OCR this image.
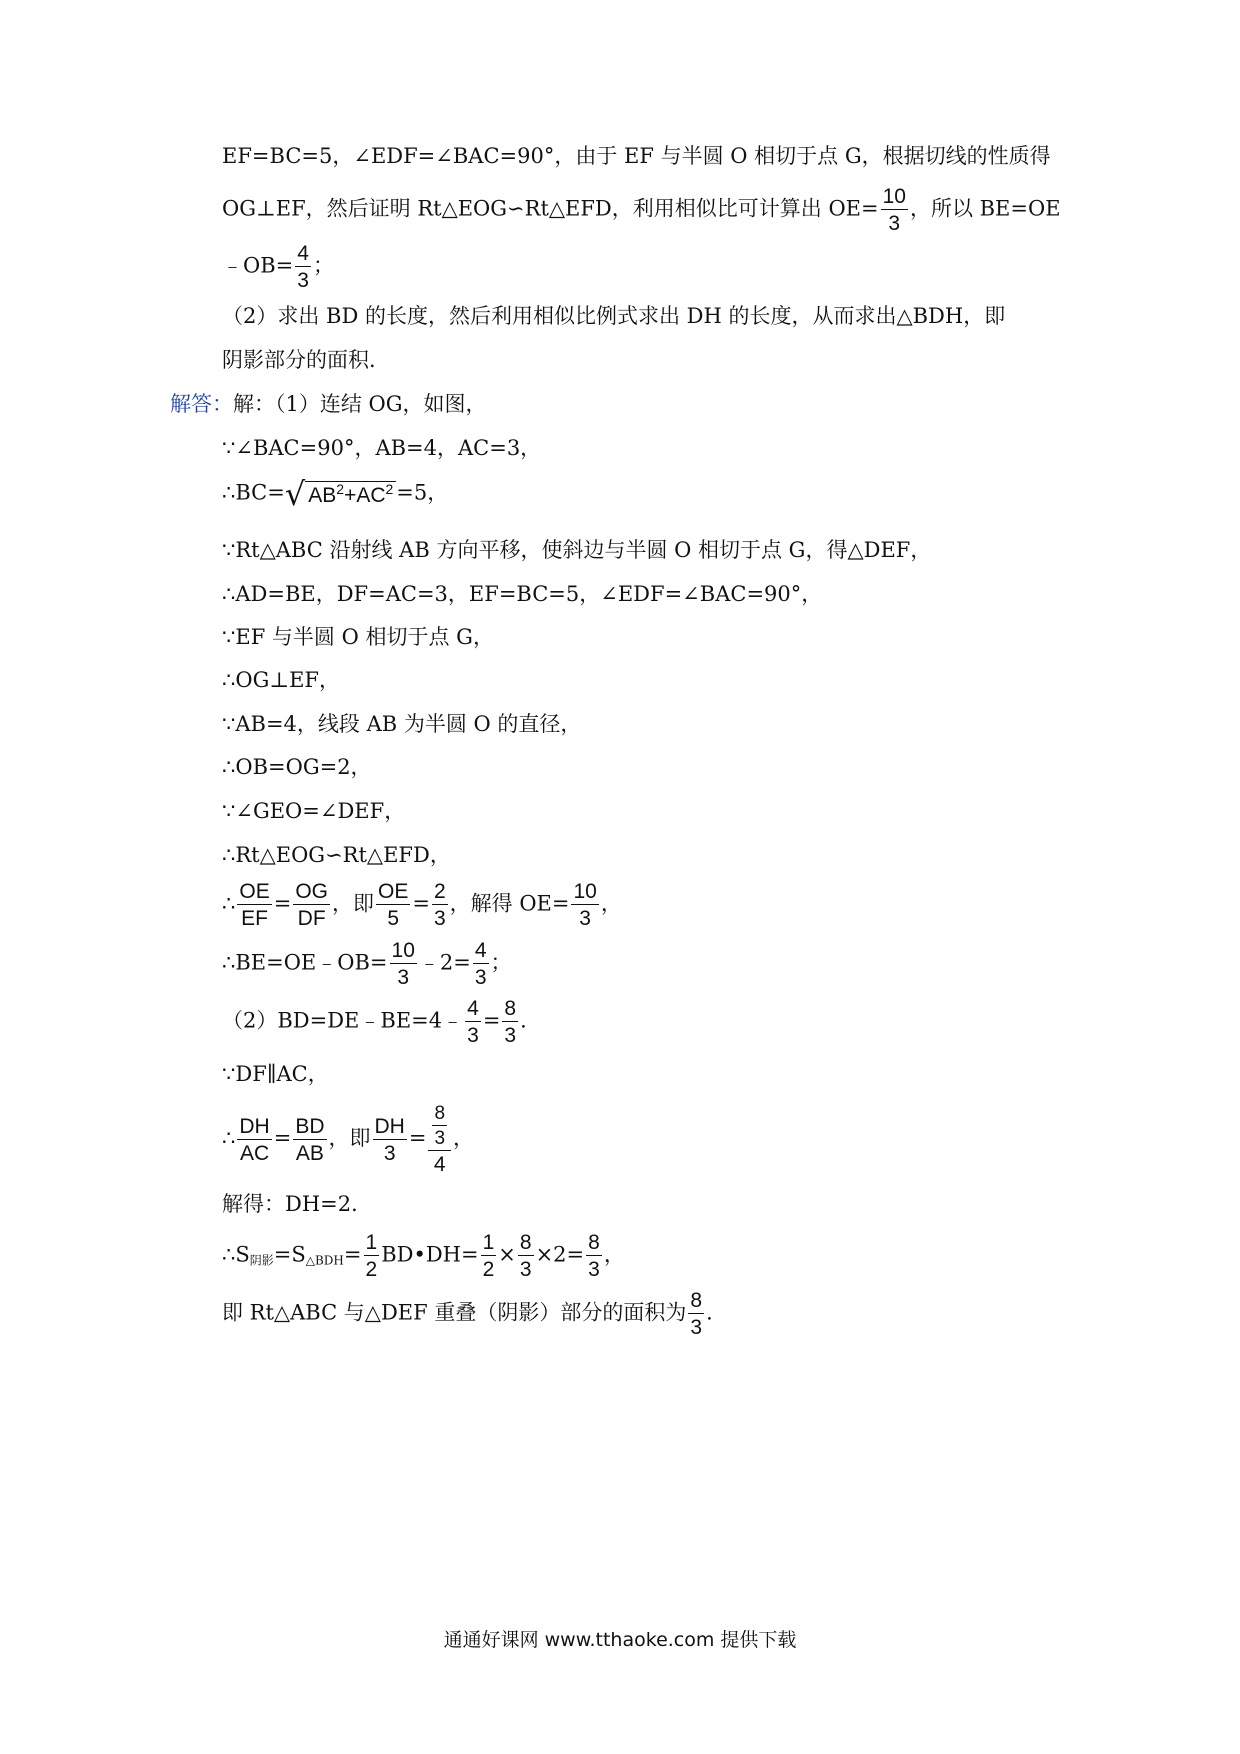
EF=BC=5，∠EDF=∠BAC=90°，由于 EF 与半圆 O 相切于点 G，根据切线的性质得
OG⊥EF，然后证明 Rt△EOG∽Rt△EFD，利用相似比可计算出 $OE= \frac{10}{3}$ ，所以 BE=OE
﹣OB= $\frac{4}{3}$ ；
（2）求出 BD 的长度，然后利用相似比例式求出 DH 的长度，从而求出△BDH，即
阴影部分的面积．
解答：解：（1）连结 OG，如图，
∵∠BAC=90°，AB=4，AC=3，
∴BC=√ $AB^2+AC^2 =5$，
∵Rt△ABC 沿射线 AB 方向平移，使斜边与半圆 O 相切于点 G，得△DEF，
∴AD=BE，DF=AC=3，EF=BC=5，∠EDF=∠BAC=90°，
∵EF 与半圆 O 相切于点 G，
∴OG⊥EF，
∵AB=4，线段 AB 为半圆 O 的直径，
∴OB=OG=2，
∵∠GEO=∠DEF，
∴Rt△EOG∽Rt△EFD，
∴ $\frac{OE}{EF} = \frac{OG}{DF}$ ，即 $\frac{OE}{5} = \frac{2}{3}$ ，解得 $OE= \frac{10}{3}$ ，
∴BE=OE﹣OB= $\frac{10}{3}$ ﹣2= $\frac{4}{3}$ ；
（2）BD=DE﹣BE=4﹣ $\frac{4}{3} = \frac{8}{3}$ ．
∵DF∥AC，
∴ $\frac{DH}{AC} = \frac{BD}{AB}$ ，即 $\frac{DH}{3} = \frac{\frac{8}{3}}{4}$ ，
解得：DH=2．
$\therefore S_{阴影}=S_{\triangle BDH}= \frac{1}{2}$ BD•DH= $\frac{1}{2} \times \frac{8}{3} \times 2= \frac{8}{3}$ ，
即 Rt△ABC 与△DEF 重叠（阴影）部分的面积为 $\frac{8}{3}$ ．
通通好课网 www.tthaoke.com 提供下载
